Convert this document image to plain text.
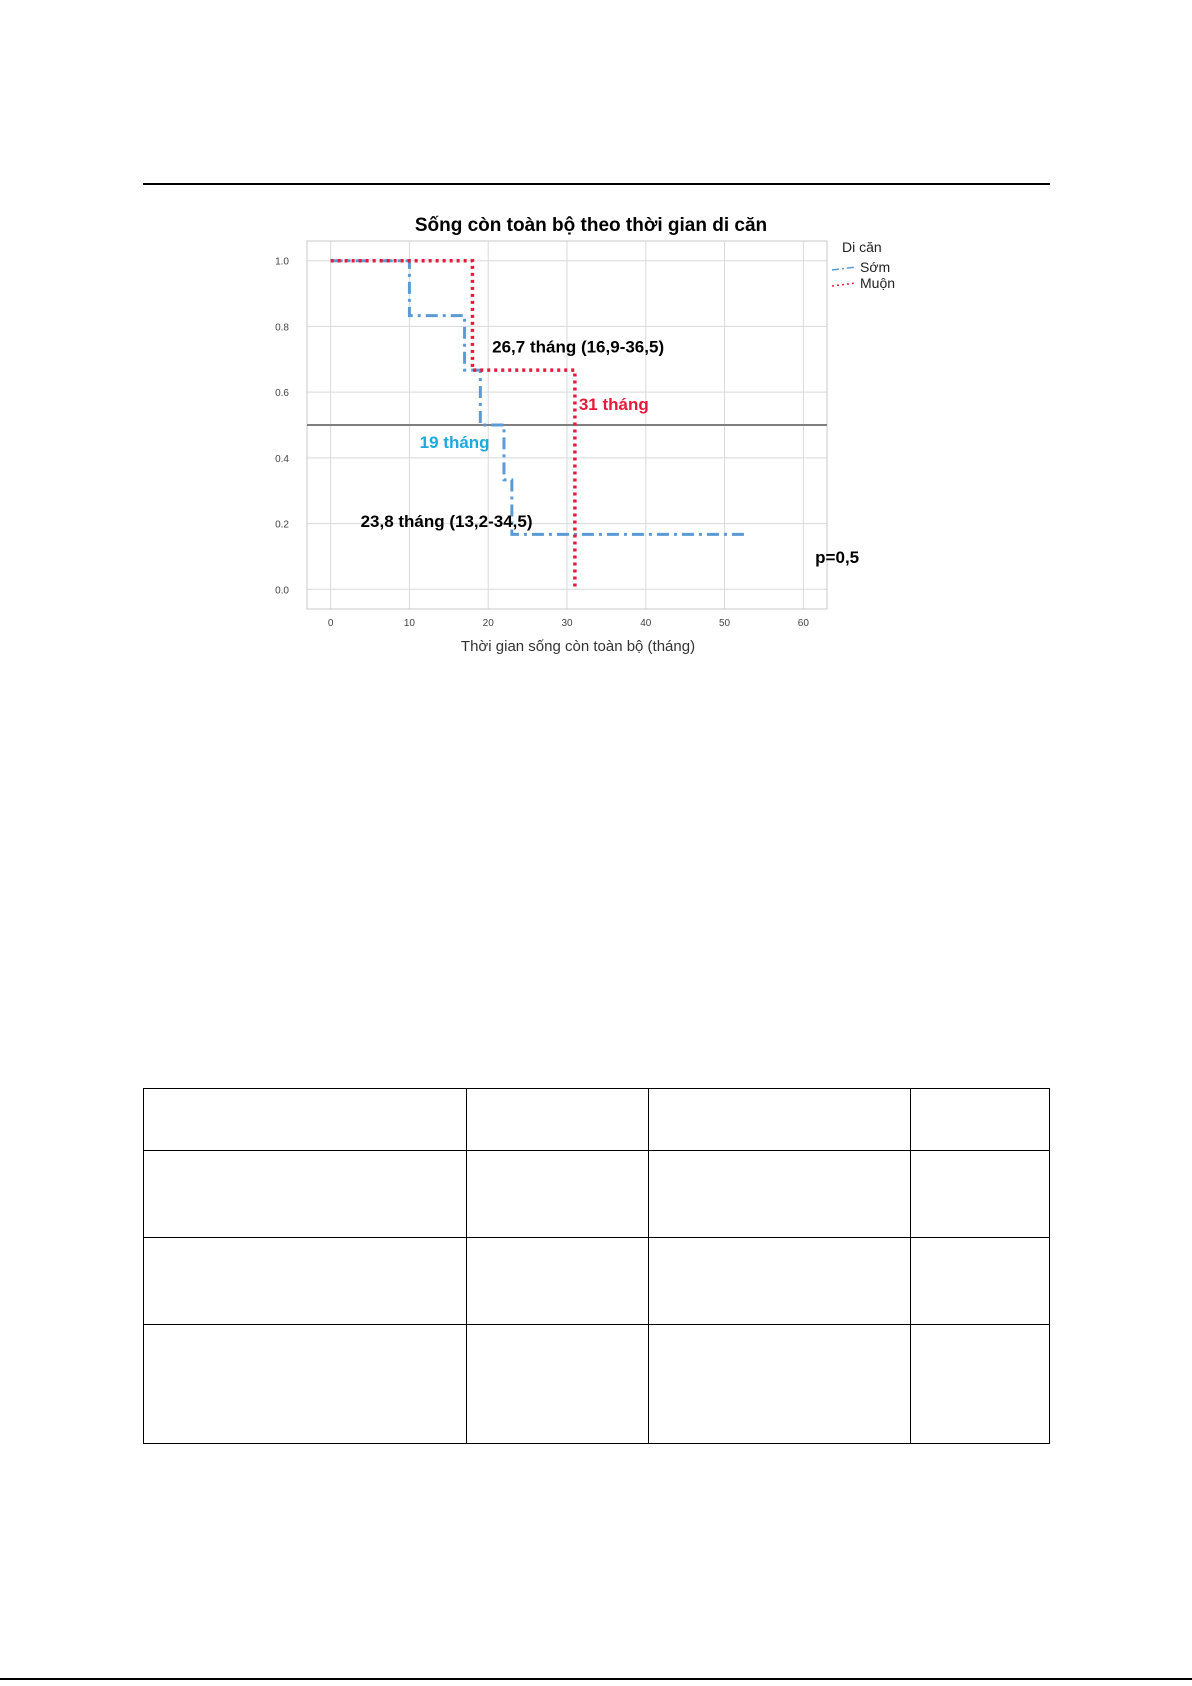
0	10	20	30	40	50	60
0.0
0.2
0.4
0.6
0.8
1.0
26,7 tháng (16,9-36,5)
31 tháng
19 tháng
23,8 tháng (13,2-34,5)
p=0,5
Sống còn toàn bộ theo thời gian di căn
Thời gian sống còn toàn bộ (tháng)
Di căn
Sớm
Muộn
